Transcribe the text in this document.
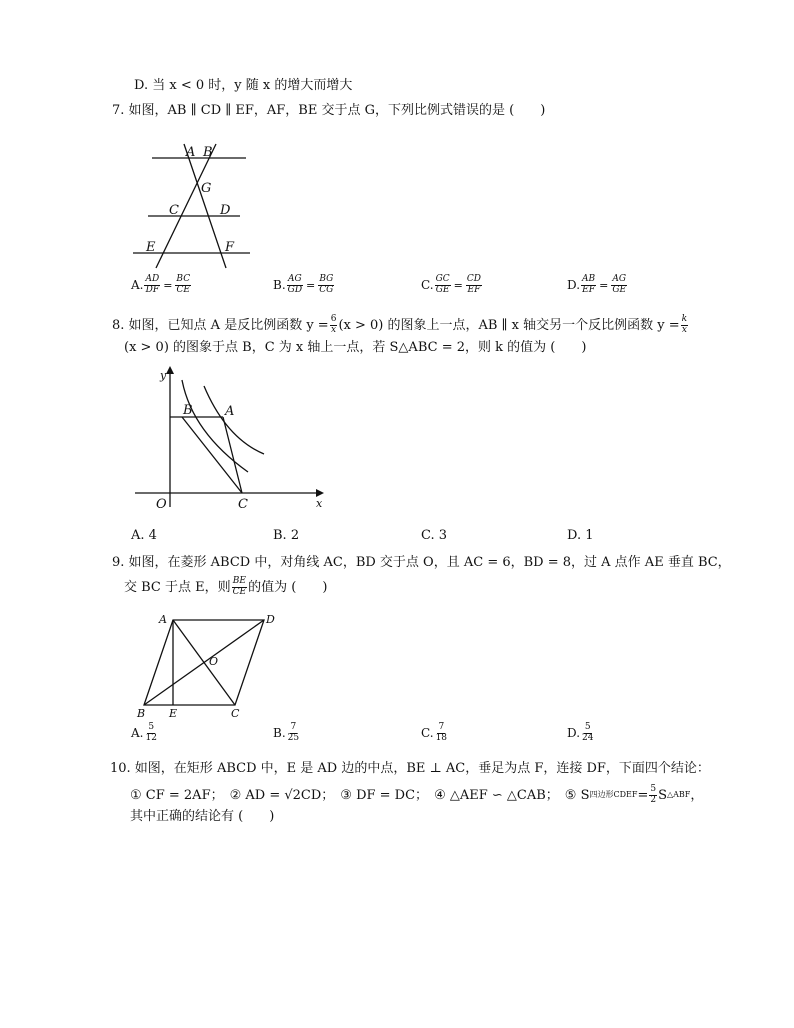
D. 当 x < 0 时，y 随 x 的增大而增大
7. 如图，AB ∥ CD ∥ EF，AF，BE 交于点 G，下列比例式错误的是 (　　)
A B
G
C	D
E	F
A. $\frac{AD}{DF} = \frac{BC}{CE}$	B. $\frac{AG}{GD} = \frac{BG}{CG}$	C. $\frac{GC}{GE} = \frac{CD}{EF}$	D. $\frac{AB}{EF} = \frac{AG}{GE}$
8. 如图，已知点 A 是反比例函数 $y = \frac{6}{x} (x > 0)$ 的图象上一点，AB ∥ x 轴交另一个反比例函数 $y = \frac{k}{x}$
(x > 0) 的图象于点 B，C 为 x 轴上一点，若 S△ABC = 2，则 k 的值为 (　　)
y
x
O
A
B
C
A. 4	B. 2	C. 3	D. 1
9. 如图，在菱形 ABCD 中，对角线 AC，BD 交于点 O，且 AC = 6，BD = 8，过 A 点作 AE 垂直 BC，
交 BC 于点 E，则 $\frac{BE}{CE}$ 的值为 (　　)
A	D
O
B E	C
A. $\frac{5}{12}$	B. $\frac{7}{25}$	C. $\frac{7}{18}$	D. $\frac{5}{24}$
10. 如图，在矩形 ABCD 中，E 是 AD 边的中点，BE ⊥ AC，垂足为点 F，连接 DF，下面四个结论：
① CF = 2AF； ② AD = √2CD； ③ DF = DC； ④ △AEF ∽ △CAB； ⑤ S 四边形CDEF = $\frac{5}{2}$ S △ABF ，
其中正确的结论有 (　　)
